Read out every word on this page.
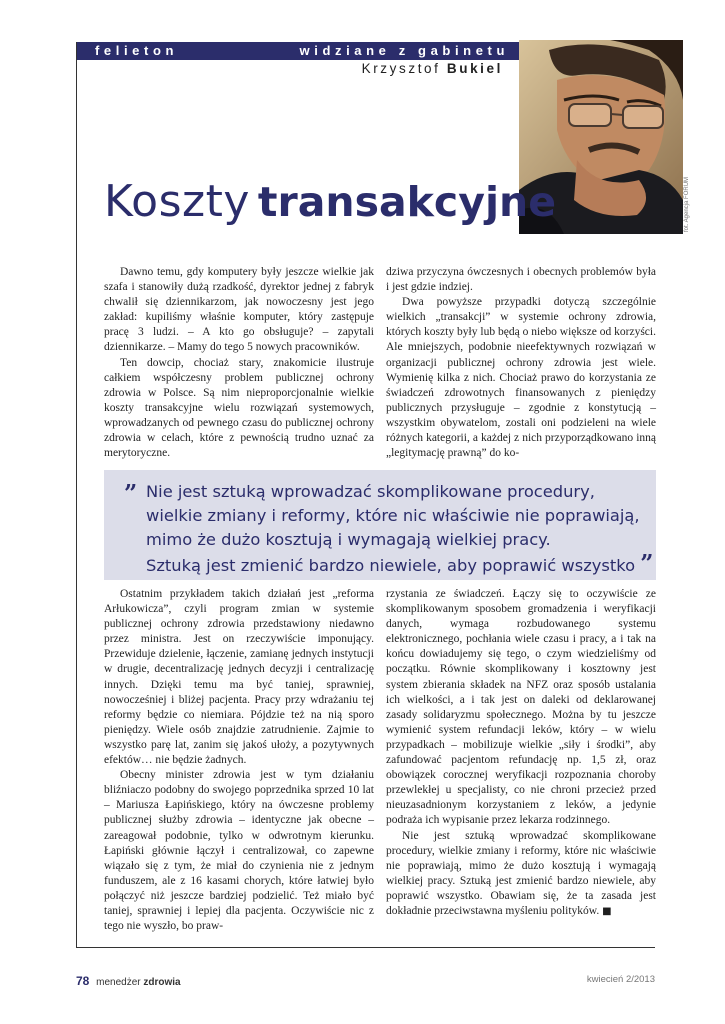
felieton	widziane z gabinetu
Krzysztof Bukiel
fot. Agencja FORUM
Koszty transakcyjne

Dawno temu, gdy komputery były jeszcze wielkie jak szafa i stanowiły dużą rzadkość, dyrektor jednej z fabryk chwalił się dziennikarzom, jak nowoczesny jest jego zakład: kupiliśmy właśnie komputer, który zastępuje pracę 3 ludzi. – A kto go obsługuje? – zapytali dziennikarze. – Mamy do tego 5 nowych pracowników.

Ten dowcip, chociaż stary, znakomicie ilustruje całkiem współczesny problem publicznej ochrony zdrowia w Polsce. Są nim nieproporcjonalnie wielkie koszty transakcyjne wielu rozwiązań systemowych, wprowadzanych od pewnego czasu do publicznej ochrony zdrowia w celach, które z pewnością trudno uznać za merytoryczne.

dziwa przyczyna ówczesnych i obecnych problemów była i jest gdzie indziej.

Dwa powyższe przypadki dotyczą szczególnie wielkich „transakcji” w systemie ochrony zdrowia, których koszty były lub będą o niebo większe od korzyści. Ale mniejszych, podobnie nieefektywnych rozwiązań w organizacji publicznej ochrony zdrowia jest wiele. Wymienię kilka z nich. Chociaż prawo do korzystania ze świadczeń zdrowotnych finansowanych z pieniędzy publicznych przysługuje – zgodnie z konstytucją – wszystkim obywatelom, zostali oni podzieleni na wiele różnych kategorii, a każdej z nich przyporządkowano inną „legitymację prawną” do ko-

” Nie jest sztuką wprowadzać skomplikowane procedury,
wielkie zmiany i reformy, które nic właściwie nie poprawiają,
mimo że dużo kosztują i wymagają wielkiej pracy.
Sztuką jest zmienić bardzo niewiele, aby poprawić wszystko ”

Ostatnim przykładem takich działań jest „reforma Arłukowicza”, czyli program zmian w systemie publicznej ochrony zdrowia przedstawiony niedawno przez ministra. Jest on rzeczywiście imponujący. Przewiduje dzielenie, łączenie, zamianę jednych instytucji w drugie, decentralizację jednych decyzji i centralizację innych. Dzięki temu ma być taniej, sprawniej, nowocześniej i bliżej pacjenta. Pracy przy wdrażaniu tej reformy będzie co niemiara. Pójdzie też na nią sporo pieniędzy. Wiele osób znajdzie zatrudnienie. Zajmie to wszystko parę lat, zanim się jakoś ułoży, a pozytywnych efektów… nie będzie żadnych.

Obecny minister zdrowia jest w tym działaniu bliźniaczo podobny do swojego poprzednika sprzed 10 lat – Mariusza Łapińskiego, który na ówczesne problemy publicznej służby zdrowia – identyczne jak obecne – zareagował podobnie, tylko w odwrotnym kierunku. Łapiński głównie łączył i centralizował, co zapewne wiązało się z tym, że miał do czynienia nie z jednym funduszem, ale z 16 kasami chorych, które łatwiej było połączyć niż jeszcze bardziej podzielić. Też miało być taniej, sprawniej i lepiej dla pacjenta. Oczywiście nic z tego nie wyszło, bo praw-

rzystania ze świadczeń. Łączy się to oczywiście ze skomplikowanym sposobem gromadzenia i weryfikacji danych, wymaga rozbudowanego systemu elektronicznego, pochłania wiele czasu i pracy, a i tak na końcu dowiadujemy się tego, o czym wiedzieliśmy od początku. Równie skomplikowany i kosztowny jest system zbierania składek na NFZ oraz sposób ustalania ich wielkości, a i tak jest on daleki od deklarowanej zasady solidaryzmu społecznego. Można by tu jeszcze wymienić system refundacji leków, który – w wielu przypadkach – mobilizuje wielkie „siły i środki”, aby zafundować pacjentom refundację np. 1,5 zł, oraz obowiązek corocznej weryfikacji rozpoznania choroby przewlekłej u specjalisty, co nie chroni przecież przed nieuzasadnionym korzystaniem z leków, a jedynie podraża ich wypisanie przez lekarza rodzinnego.

Nie jest sztuką wprowadzać skomplikowane procedury, wielkie zmiany i reformy, które nic właściwie nie poprawiają, mimo że dużo kosztują i wymagają wielkiej pracy. Sztuką jest zmienić bardzo niewiele, aby poprawić wszystko. Obawiam się, że ta zasada jest dokładnie przeciwstawna myśleniu polityków. ■

78 menedżer zdrowia	kwiecień 2/2013
